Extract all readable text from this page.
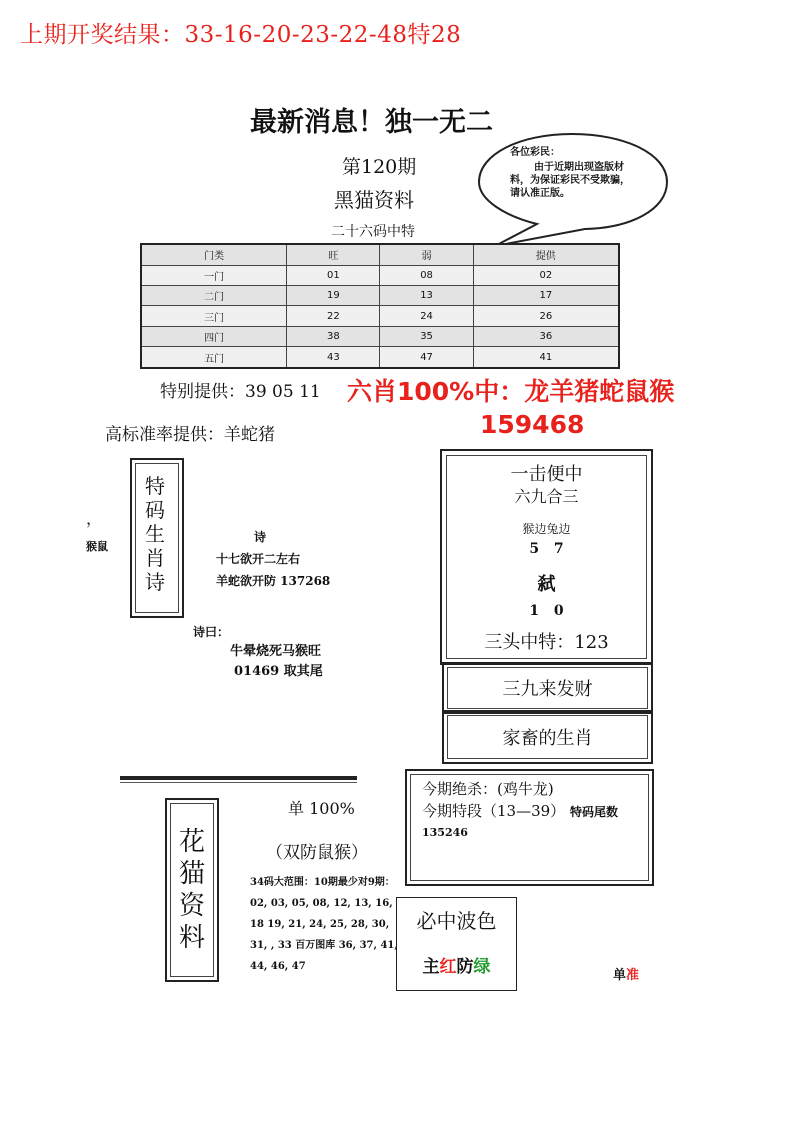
上期开奖结果：33-16-20-23-22-48特28
最新消息！独一无二
第120期
黑猫资料
二十六码中特
各位彩民：
由于近期出现盗版材料，为保证彩民不受欺骗，请认准正版。
门类	旺	弱	提供
一门	01	08	02
二门	19	13	17
三门	22	24	26
四门	38	35	36
五门	43	47	41
特别提供：39 05 11 六肖100%中：龙羊猪蛇鼠猴
159468
高标准率提供：羊蛇猪
特码生肖诗
，
猴鼠
诗
十七欲开二左右
羊蛇欲开防 137268
诗曰：
牛晕烧死马猴旺
01469 取其尾
一击便中
六九合三
猴边兔边
5 7
弑
1 0
三头中特：123
三九来发财
家畜的生肖
今期绝杀：(鸡牛龙)
今期特段（13—39） 特码尾数
135246
花猫资料
单 100%
（双防鼠猴）
34码大范围：10期最少对9期： 02, 03, 05, 08, 12, 13, 16, 18 19, 21, 24, 25, 28, 30, 31, , 33 百万图库 36, 37, 41, 44, 46, 47
必中波色
主红防绿	单准
